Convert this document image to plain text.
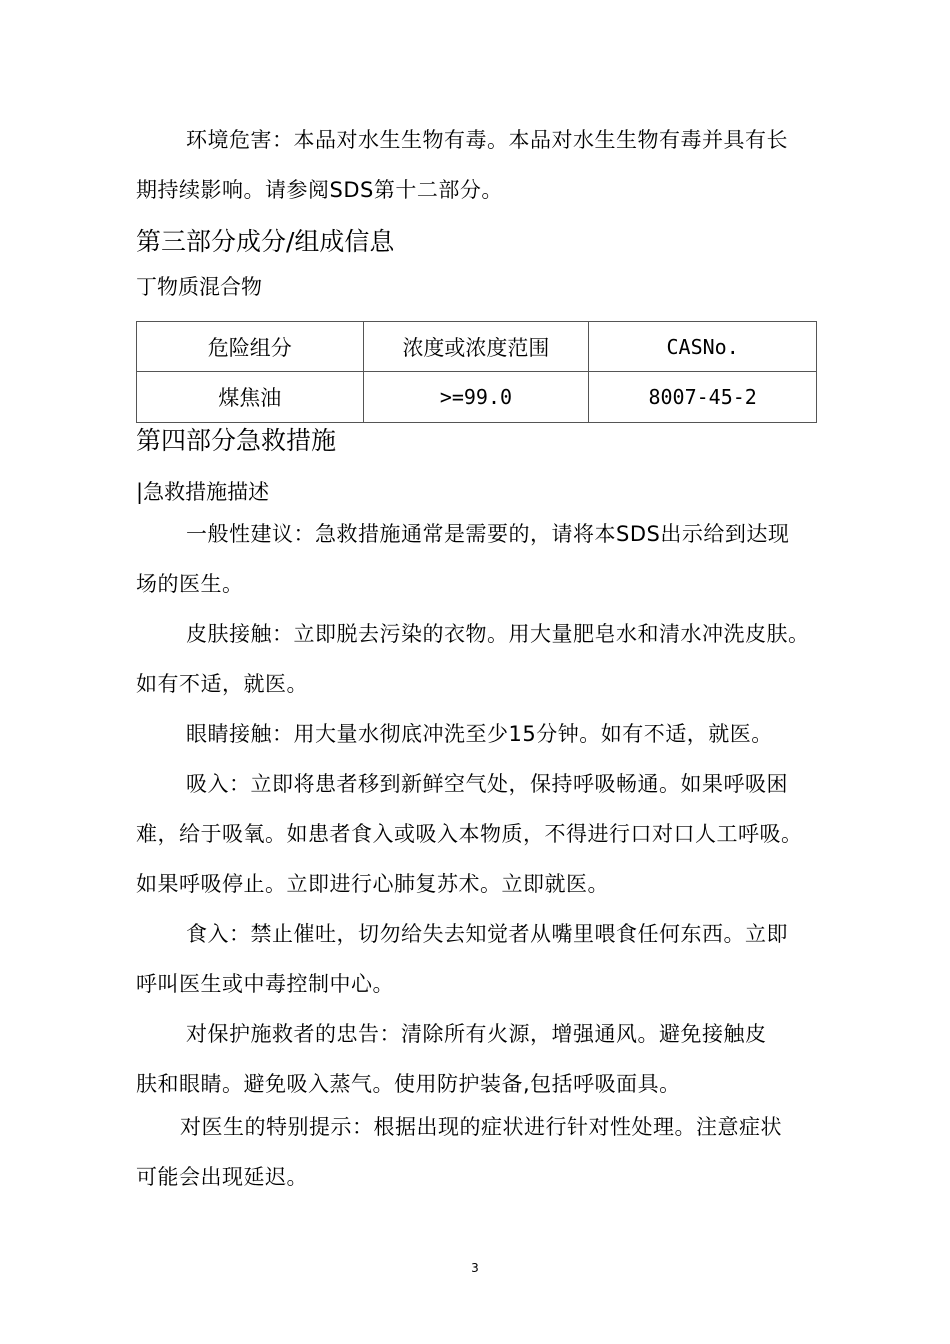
环境危害：本品对水生生物有毒。本品对水生生物有毒并具有长
期持续影响。请参阅SDS第十二部分。
第三部分成分/组成信息
丁物质混合物
危险组分	浓度或浓度范围	CASNo.
煤焦油	>=99.0	8007-45-2
第四部分急救措施
|急救措施描述
一般性建议：急救措施通常是需要的，请将本SDS出示给到达现
场的医生。
皮肤接触：立即脱去污染的衣物。用大量肥皂水和清水冲洗皮肤。
如有不适，就医。
眼睛接触：用大量水彻底冲洗至少15分钟。如有不适，就医。
吸入：立即将患者移到新鲜空气处，保持呼吸畅通。如果呼吸困
难，给于吸氧。如患者食入或吸入本物质，不得进行口对口人工呼吸。
如果呼吸停止。立即进行心肺复苏术。立即就医。
食入：禁止催吐，切勿给失去知觉者从嘴里喂食任何东西。立即
呼叫医生或中毒控制中心。
对保护施救者的忠告：清除所有火源，增强通风。避免接触皮
肤和眼睛。避免吸入蒸气。使用防护装备,包括呼吸面具。
对医生的特别提示：根据出现的症状进行针对性处理。注意症状
可能会出现延迟。
3
